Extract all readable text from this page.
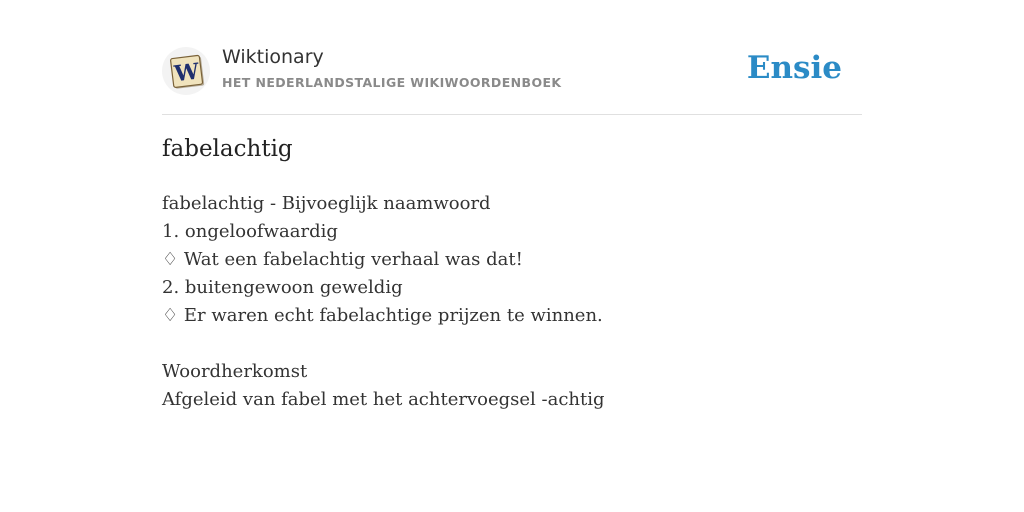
W
Wiktionary
HET NEDERLANDSTALIGE WIKIWOORDENBOEK	Ensie
fabelachtig
fabelachtig - Bijvoeglijk naamwoord
1. ongeloofwaardig
♢ Wat een fabelachtig verhaal was dat!
2. buitengewoon geweldig
♢ Er waren echt fabelachtige prijzen te winnen.
Woordherkomst
Afgeleid van fabel met het achtervoegsel -achtig
